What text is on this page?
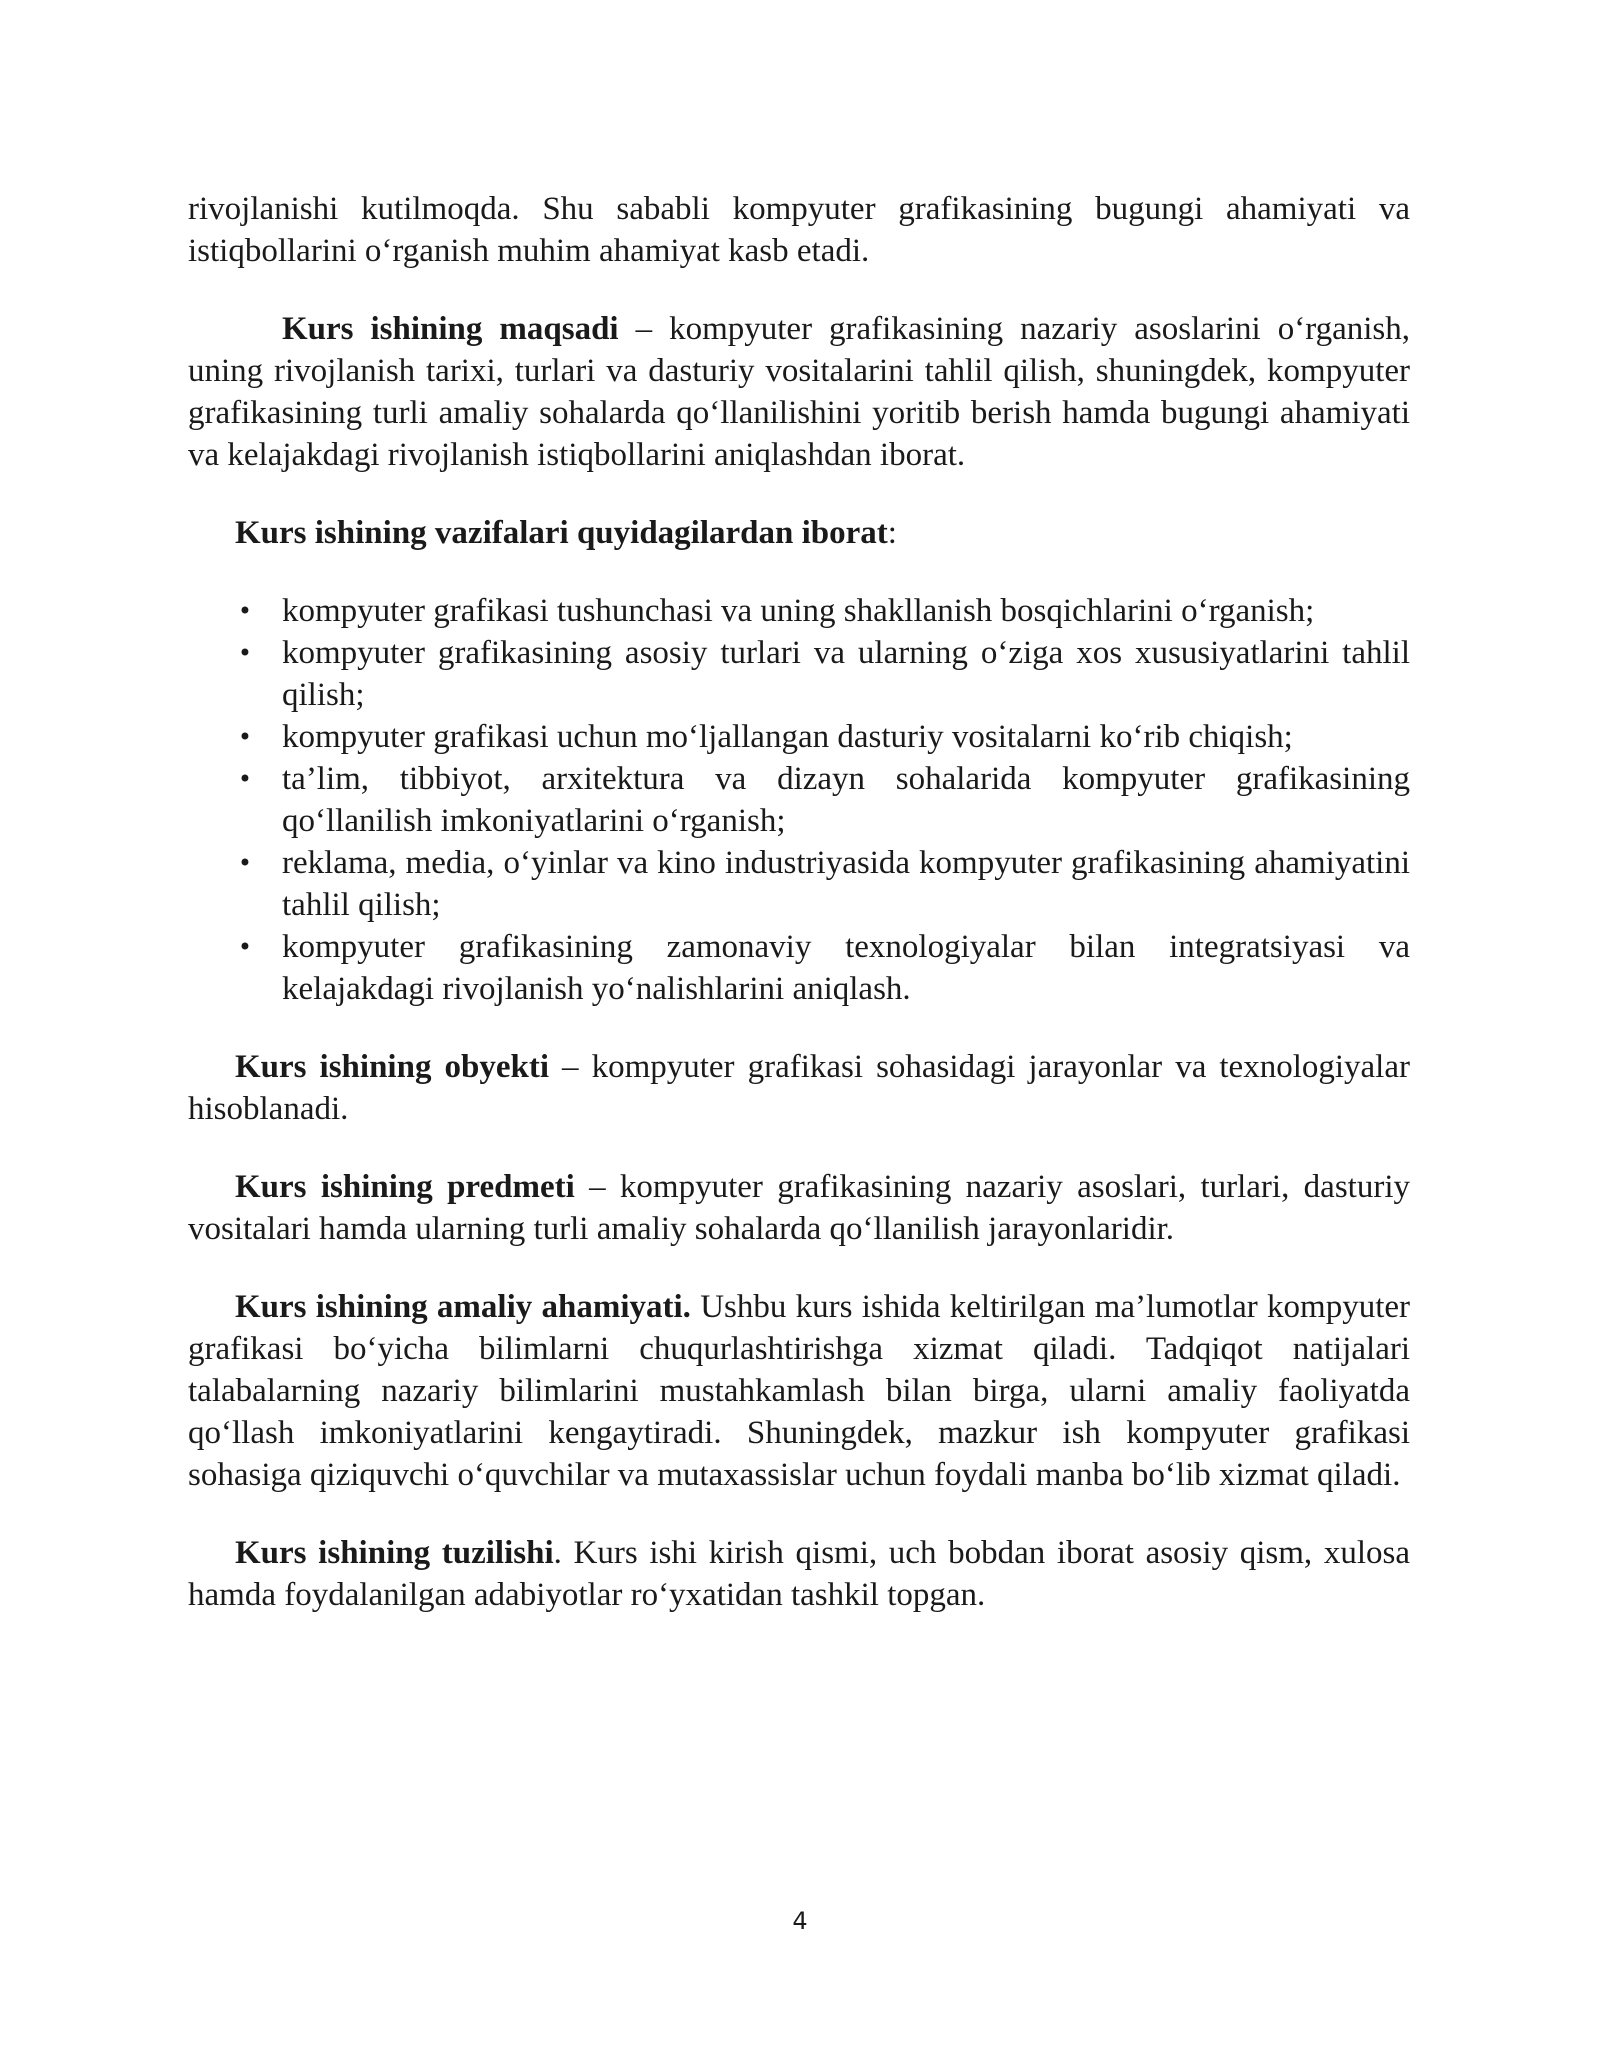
rivojlanishi kutilmoqda. Shu sababli kompyuter grafikasining bugungi ahamiyati va istiqbollarini o‘rganish muhim ahamiyat kasb etadi.

Kurs ishining maqsadi – kompyuter grafikasining nazariy asoslarini o‘rganish, uning rivojlanish tarixi, turlari va dasturiy vositalarini tahlil qilish, shuningdek, kompyuter grafikasining turli amaliy sohalarda qo‘llanilishini yoritib berish hamda bugungi ahamiyati va kelajakdagi rivojlanish istiqbollarini aniqlashdan iborat.

Kurs ishining vazifalari quyidagilardan iborat:

• kompyuter grafikasi tushunchasi va uning shakllanish bosqichlarini o‘rganish;
• kompyuter grafikasining asosiy turlari va ularning o‘ziga xos xususiyatlarini tahlil qilish;
• kompyuter grafikasi uchun mo‘ljallangan dasturiy vositalarni ko‘rib chiqish;
• ta’lim, tibbiyot, arxitektura va dizayn sohalarida kompyuter grafikasining qo‘llanilish imkoniyatlarini o‘rganish;
• reklama, media, o‘yinlar va kino industriyasida kompyuter grafikasining ahamiyatini tahlil qilish;
• kompyuter grafikasining zamonaviy texnologiyalar bilan integratsiyasi va kelajakdagi rivojlanish yo‘nalishlarini aniqlash.

Kurs ishining obyekti – kompyuter grafikasi sohasidagi jarayonlar va texnologiyalar hisoblanadi.

Kurs ishining predmeti – kompyuter grafikasining nazariy asoslari, turlari, dasturiy vositalari hamda ularning turli amaliy sohalarda qo‘llanilish jarayonlaridir.

Kurs ishining amaliy ahamiyati. Ushbu kurs ishida keltirilgan ma’lumotlar kompyuter grafikasi bo‘yicha bilimlarni chuqurlashtirishga xizmat qiladi. Tadqiqot natijalari talabalarning nazariy bilimlarini mustahkamlash bilan birga, ularni amaliy faoliyatda qo‘llash imkoniyatlarini kengaytiradi. Shuningdek, mazkur ish kompyuter grafikasi sohasiga qiziquvchi o‘quvchilar va mutaxassislar uchun foydali manba bo‘lib xizmat qiladi.

Kurs ishining tuzilishi. Kurs ishi kirish qismi, uch bobdan iborat asosiy qism, xulosa hamda foydalanilgan adabiyotlar ro‘yxatidan tashkil topgan.

4
